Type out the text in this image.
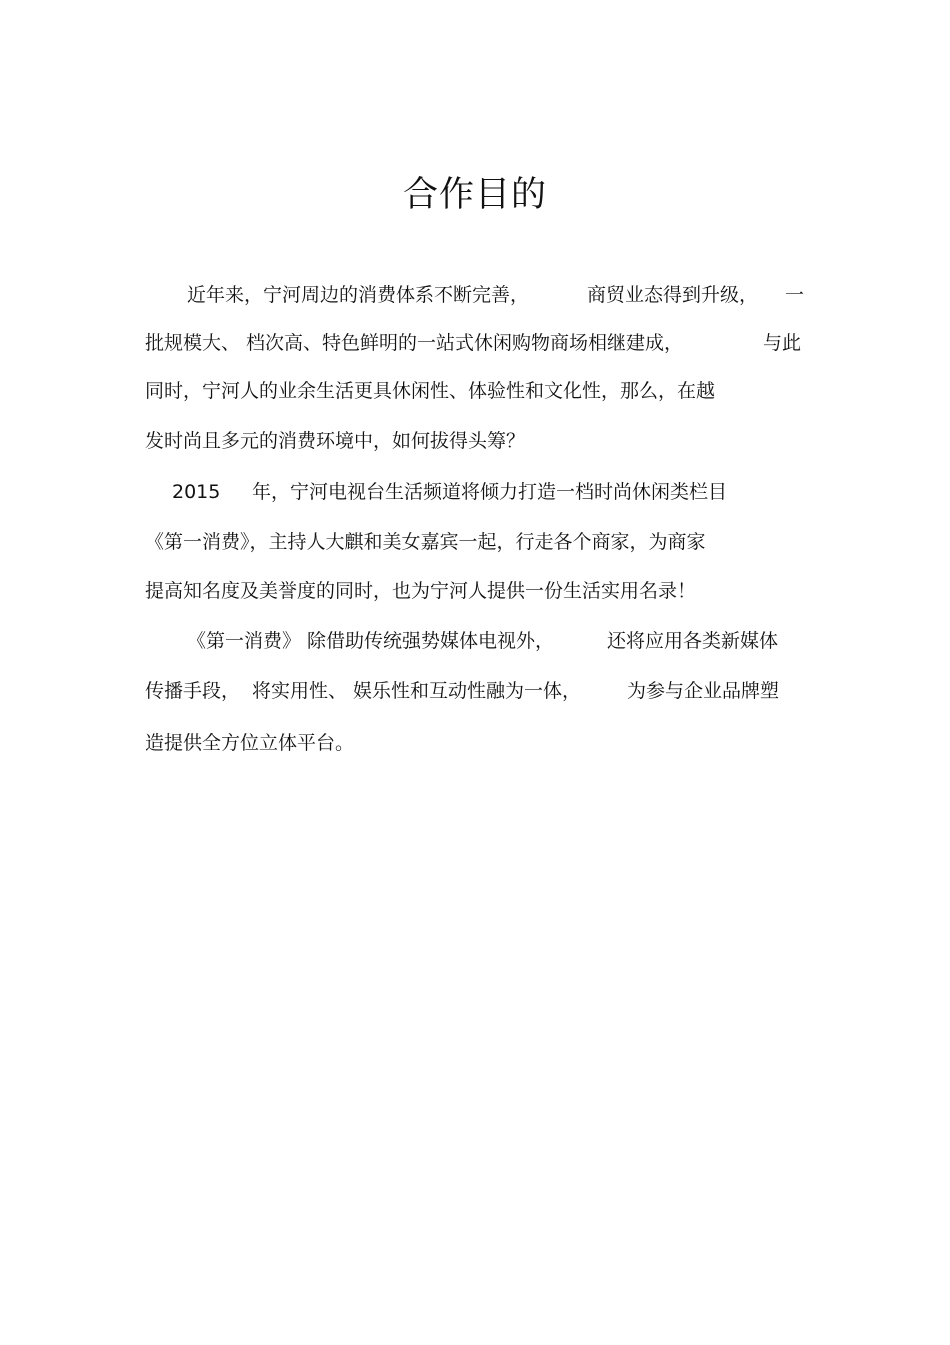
合作目的
近年来，宁河周边的消费体系不断完善，	商贸业态得到升级， 一
批规模大、 档次高、特色鲜明的一站式休闲购物商场相继建成，	与此
同时，宁河人的业余生活更具休闲性、体验性和文化性，那么，在越
发时尚且多元的消费环境中，如何拔得头筹？
2015 年，宁河电视台生活频道将倾力打造一档时尚休闲类栏目
《第一消费》，主持人大麒和美女嘉宾一起，行走各个商家，为商家
提高知名度及美誉度的同时，也为宁河人提供一份生活实用名录！
《第一消费》 除借助传统强势媒体电视外，	还将应用各类新媒体
传播手段， 将实用性、 娱乐性和互动性融为一体， 为参与企业品牌塑
造提供全方位立体平台。
